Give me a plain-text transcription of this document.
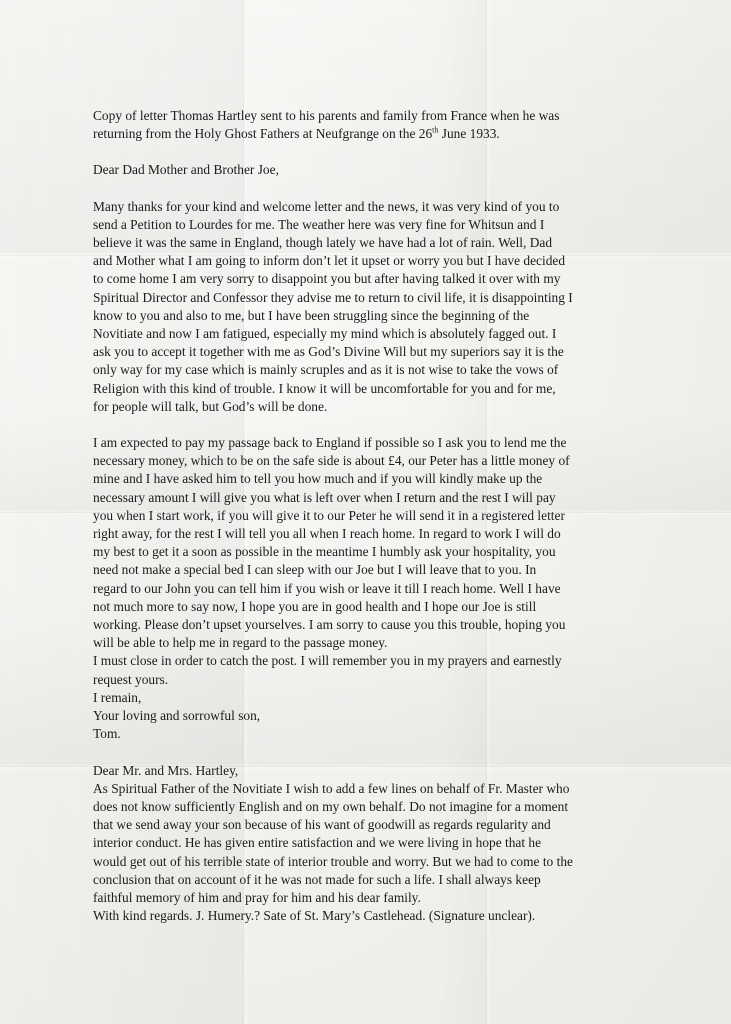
Copy of letter Thomas Hartley sent to his parents and family from France when he was
returning from the Holy Ghost Fathers at Neufgrange on the 26th June 1933.

Dear Dad Mother and Brother Joe,

Many thanks for your kind and welcome letter and the news, it was very kind of you to
send a Petition to Lourdes for me. The weather here was very fine for Whitsun and I
believe it was the same in England, though lately we have had a lot of rain. Well, Dad
and Mother what I am going to inform don’t let it upset or worry you but I have decided
to come home I am very sorry to disappoint you but after having talked it over with my
Spiritual Director and Confessor they advise me to return to civil life, it is disappointing I
know to you and also to me, but I have been struggling since the beginning of the
Novitiate and now I am fatigued, especially my mind which is absolutely fagged out. I
ask you to accept it together with me as God’s Divine Will but my superiors say it is the
only way for my case which is mainly scruples and as it is not wise to take the vows of
Religion with this kind of trouble. I know it will be uncomfortable for you and for me,
for people will talk, but God’s will be done.

I am expected to pay my passage back to England if possible so I ask you to lend me the
necessary money, which to be on the safe side is about £4, our Peter has a little money of
mine and I have asked him to tell you how much and if you will kindly make up the
necessary amount I will give you what is left over when I return and the rest I will pay
you when I start work, if you will give it to our Peter he will send it in a registered letter
right away, for the rest I will tell you all when I reach home. In regard to work I will do
my best to get it a soon as possible in the meantime I humbly ask your hospitality, you
need not make a special bed I can sleep with our Joe but I will leave that to you. In
regard to our John you can tell him if you wish or leave it till I reach home. Well I have
not much more to say now, I hope you are in good health and I hope our Joe is still
working. Please don’t upset yourselves. I am sorry to cause you this trouble, hoping you
will be able to help me in regard to the passage money.
I must close in order to catch the post. I will remember you in my prayers and earnestly
request yours.
I remain,
Your loving and sorrowful son,
Tom.

Dear Mr. and Mrs. Hartley,

As Spiritual Father of the Novitiate I wish to add a few lines on behalf of Fr. Master who
does not know sufficiently English and on my own behalf. Do not imagine for a moment
that we send away your son because of his want of goodwill as regards regularity and
interior conduct. He has given entire satisfaction and we were living in hope that he
would get out of his terrible state of interior trouble and worry. But we had to come to the
conclusion that on account of it he was not made for such a life. I shall always keep
faithful memory of him and pray for him and his dear family.
With kind regards. J. Humery.? Sate of St. Mary’s Castlehead. (Signature unclear).
